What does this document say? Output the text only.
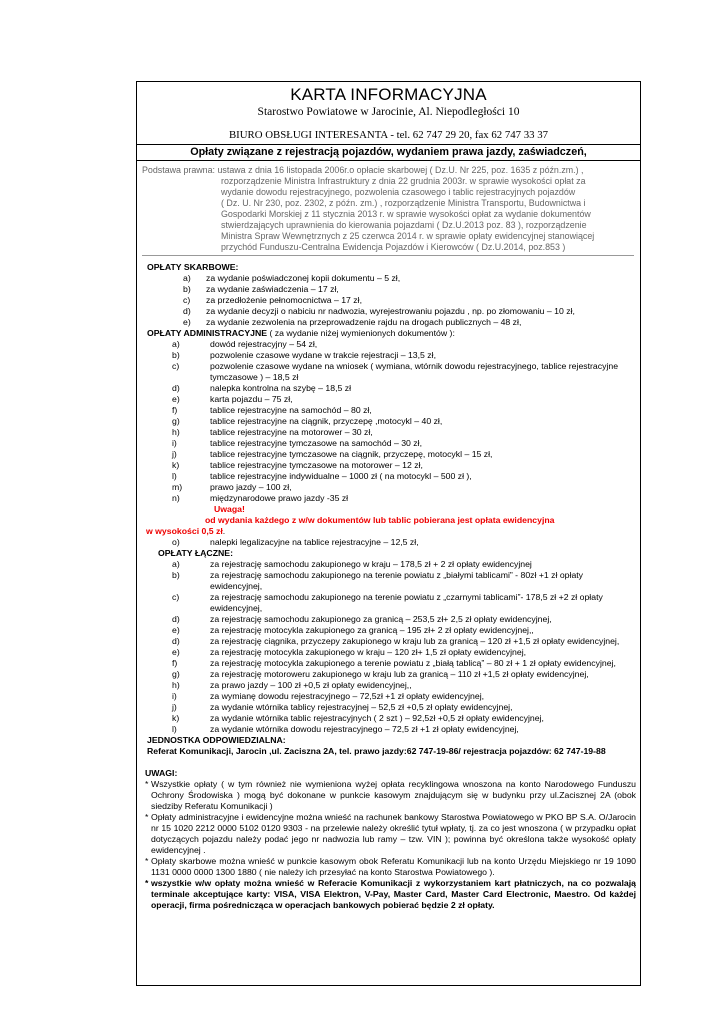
KARTA INFORMACYJNA
Starostwo Powiatowe w Jarocinie, Al. Niepodległości 10
BIURO OBSŁUGI INTERESANTA - tel. 62 747 29 20, fax 62 747 33 37
Opłaty związane z rejestracją pojazdów, wydaniem prawa jazdy, zaświadczeń,
Podstawa prawna: ustawa z dnia 16 listopada 2006r.o opłacie skarbowej ( Dz.U. Nr 225, poz. 1635 z późn.zm.) ,
rozporządzenie Ministra Infrastruktury z dnia 22 grudnia 2003r. w sprawie wysokości opłat za
wydanie dowodu rejestracyjnego, pozwolenia czasowego i tablic rejestracyjnych pojazdów
( Dz. U. Nr 230, poz. 2302, z późn. zm.) , rozporządzenie Ministra Transportu, Budownictwa i
Gospodarki Morskiej z 11 stycznia 2013 r. w sprawie wysokości opłat za wydanie dokumentów
stwierdzających uprawnienia do kierowania pojazdami ( Dz.U.2013 poz. 83 ), rozporządzenie
Ministra Spraw Wewnętrznych z 25 czerwca 2014 r. w sprawie opłaty ewidencyjnej stanowiącej
przychód Funduszu-Centralna Ewidencja Pojazdów i Kierowców ( Dz.U.2014, poz.853 )
OPŁATY SKARBOWE:
a)	za wydanie poświadczonej kopii dokumentu – 5 zł,
b)	za wydanie zaświadczenia – 17 zł,
c)	za przedłożenie pełnomocnictwa – 17 zł,
d)	za wydanie decyzji o nabiciu nr nadwozia, wyrejestrowaniu pojazdu , np. po złomowaniu – 10 zł,
e)	za wydanie zezwolenia na przeprowadzenie rajdu na drogach publicznych – 48 zł,
OPŁATY ADMINISTRACYJNE ( za wydanie niżej wymienionych dokumentów ):
a)	dowód rejestracyjny – 54 zł,
b)	pozwolenie czasowe wydane w trakcie rejestracji – 13,5 zł,
c)	pozwolenie czasowe wydane na wniosek ( wymiana, wtórnik dowodu rejestracyjnego, tablice rejestracyjne tymczasowe ) – 18,5 zł
d)	nalepka kontrolna na szybę – 18,5 zł
e)	karta pojazdu – 75 zł,
f)	tablice rejestracyjne na samochód – 80 zł,
g)	tablice rejestracyjne na ciągnik, przyczepę ,motocykl – 40 zł,
h)	tablice rejestracyjne na motorower – 30 zł,
i)	tablice rejestracyjne tymczasowe na samochód – 30 zł,
j)	tablice rejestracyjne tymczasowe na ciągnik, przyczepę, motocykl – 15 zł,
k)	tablice rejestracyjne tymczasowe na motorower – 12 zł,
l)	tablice rejestracyjne indywidualne – 1000 zł ( na motocykl – 500 zł ),
m)	prawo jazdy – 100 zł,
n)	międzynarodowe prawo jazdy -35 zł
Uwaga!
od wydania każdego z w/w dokumentów lub tablic pobierana jest opłata ewidencyjna
w wysokości 0,5 zł.
o)	nalepki legalizacyjne na tablice rejestracyjne – 12,5 zł,
OPŁATY ŁĄCZNE:
a)	za rejestrację samochodu zakupionego w kraju – 178,5 zł + 2 zł opłaty ewidencyjnej
b)	za rejestrację samochodu zakupionego na terenie powiatu z „białymi tablicami” - 80zł +1 zł opłaty ewidencyjnej,
c)	za rejestrację samochodu zakupionego na terenie powiatu z „czarnymi tablicami”- 178,5 zł +2 zł opłaty ewidencyjnej,
d)	za rejestrację samochodu zakupionego za granicą – 253,5 zł+ 2,5 zł opłaty ewidencyjnej,
e)	za rejestrację motocykla zakupionego za granicą – 195 zł+ 2 zł opłaty ewidencyjnej,,
d)	za rejestrację ciągnika, przyczepy zakupionego w kraju lub za granicą – 120 zł +1,5 zł opłaty ewidencyjnej,
e)	za rejestrację motocykla zakupionego w kraju – 120 zł+ 1,5 zł opłaty ewidencyjnej,
f)	za rejestrację motocykla zakupionego a terenie powiatu z „białą tablicą” – 80 zł + 1 zł opłaty ewidencyjnej,
g)	za rejestrację motoroweru zakupionego w kraju lub za granicą – 110 zł +1,5 zł opłaty ewidencyjnej,
h)	za prawo jazdy – 100 zł +0,5 zł opłaty ewidencyjnej,,
i)	za wymianę dowodu rejestracyjnego – 72,5zł +1 zł opłaty ewidencyjnej,
j)	za wydanie wtórnika tablicy rejestracyjnej – 52,5 zł +0,5 zł opłaty ewidencyjnej,
k)	za wydanie wtórnika tablic rejestracyjnych ( 2 szt ) – 92,5zł +0,5 zł opłaty ewidencyjnej,
l)	za wydanie wtórnika dowodu rejestracyjnego – 72,5 zł +1 zł opłaty ewidencyjnej,
JEDNOSTKA ODPOWIEDZIALNA:
Referat Komunikacji, Jarocin ,ul. Zaciszna 2A, tel. prawo jazdy:62 747-19-86/ rejestracja pojazdów: 62 747-19-88
UWAGI:
* Wszystkie opłaty ( w tym również nie wymieniona wyżej opłata recyklingowa wnoszona na konto Narodowego Funduszu Ochrony Środowiska ) mogą być dokonane w punkcie kasowym znajdującym się w budynku przy ul.Zacisznej 2A (obok siedziby Referatu Komunikacji )
* Opłaty administracyjne i ewidencyjne można wnieść na rachunek bankowy Starostwa Powiatowego w PKO BP S.A. O/Jarocin nr 15 1020 2212 0000 5102 0120 9303 - na przelewie należy określić tytuł wpłaty, tj. za co jest wnoszona ( w przypadku opłat dotyczących pojazdu należy podać jego nr nadwozia lub ramy – tzw. VIN ); powinna być określona także wysokość opłaty ewidencyjnej .
* Opłaty skarbowe można wnieść w punkcie kasowym obok Referatu Komunikacji lub na konto Urzędu Miejskiego nr 19 1090 1131 0000 0000 1300 1880 ( nie należy ich przesyłać na konto Starostwa Powiatowego ).
* wszystkie w/w opłaty można wnieść w Referacie Komunikacji z wykorzystaniem kart płatniczych, na co pozwalają terminale akceptujące karty: VISA, VISA Elektron, V-Pay, Master Card, Master Card Electronic, Maestro. Od każdej operacji, firma pośrednicząca w operacjach bankowych pobierać będzie 2 zł opłaty.
